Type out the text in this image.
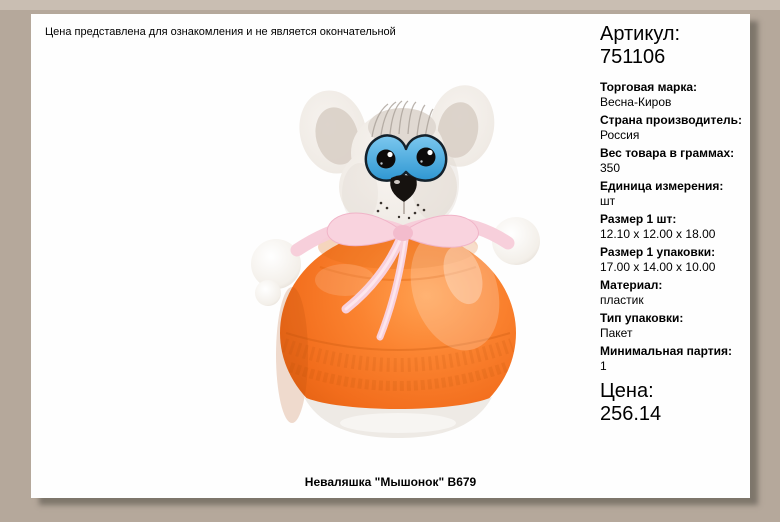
Цена представлена для ознакомления и не является окончательной	Артикул:
751106
Торговая марка:
Весна-Киров
Страна производитель:
Россия
Вес товара в граммах:
350
Единица измерения:
шт
Размер 1 шт:
12.10 x 12.00 x 18.00
Размер 1 упаковки:
17.00 x 14.00 x 10.00
Материал:
пластик
Тип упаковки:
Пакет
Минимальная партия:
1
Цена:
256.14
Неваляшка "Мышонок" В679
